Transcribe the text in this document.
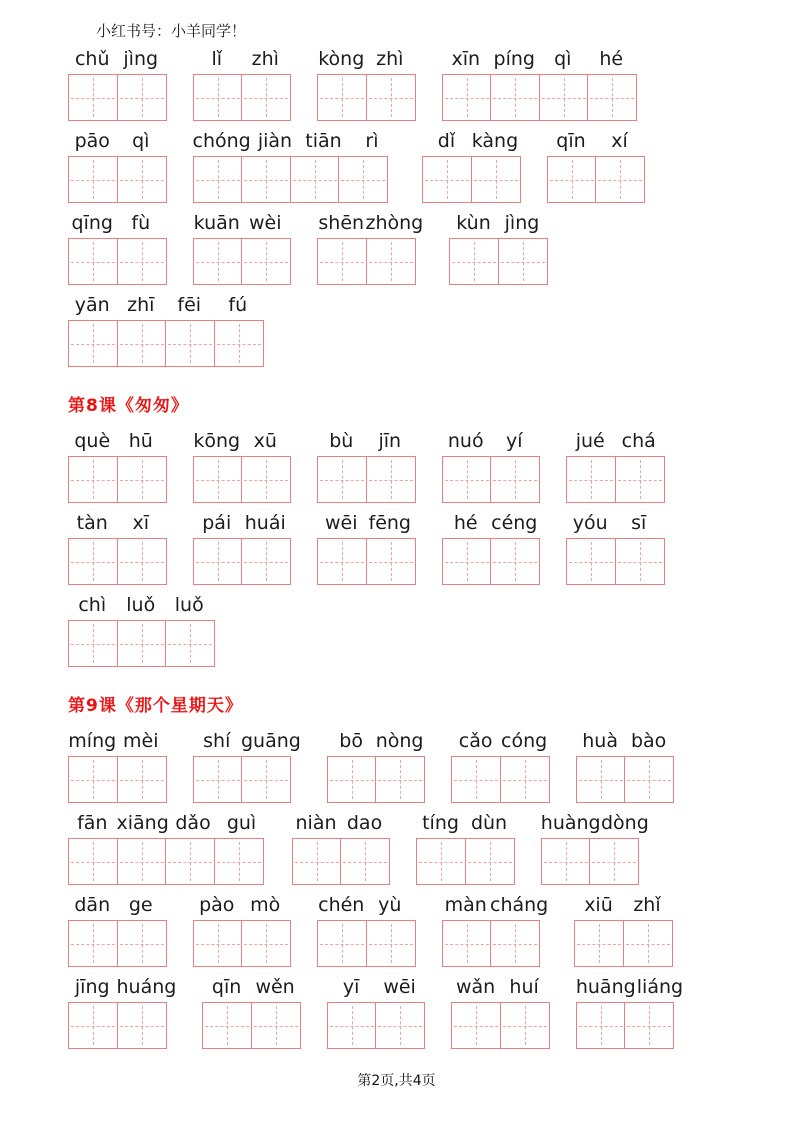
小红书号：小羊同学！
chǔ jìng	lǐ	zhì	kòng zhì	xīn píng	qì	hé
pāo	qì	chóng jiàn tiān	rì	dǐ kàng	qīn	xí
qīng fù	kuān wèi	shēn zhòng	kùn jìng
yān zhī	fēi	fú
第8课《匆匆》
què hū	kōng xū	bù	jīn	nuó	yí	jué chá
tàn	xī	pái huái	wēi fēng	hé céng	yóu	sī
chì	luǒ	luǒ
第9课《那个星期天》
míng mèi	shí guāng	bō nòng	cǎo cóng	huà bào
fān xiāng dǎo guì	niàn dao	tíng dùn	huàng dòng
dān ge	pào mò	chén yù	màn cháng	xiū	zhǐ
jīng huáng	qīn wěn	yī	wēi	wǎn huí	huāng liáng
第2页,共4页
